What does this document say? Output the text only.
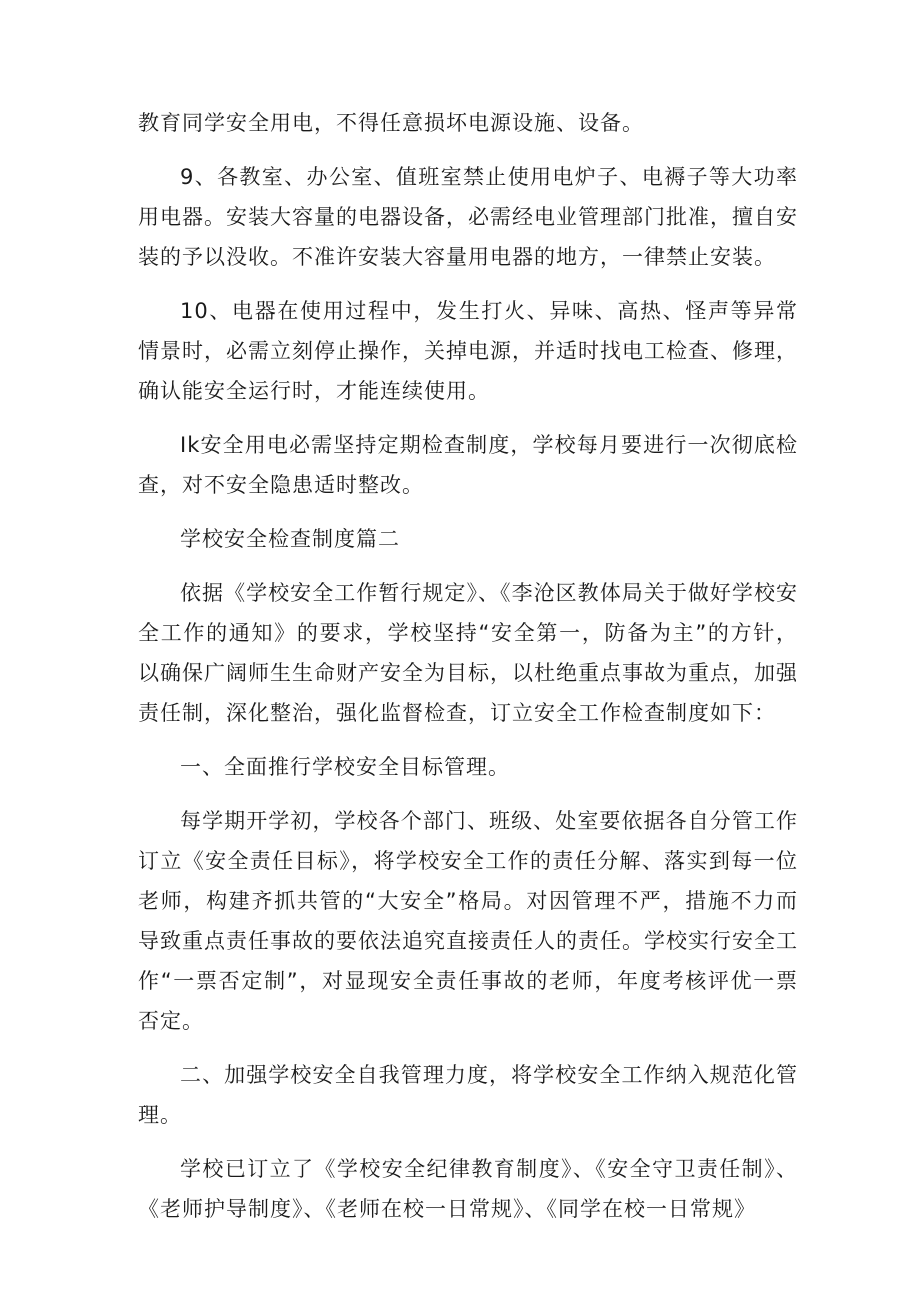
教育同学安全用电，不得任意损坏电源设施、设备。

9、各教室、办公室、值班室禁止使用电炉子、电褥子等大功率用电器。安装大容量的电器设备，必需经电业管理部门批准，擅自安装的予以没收。不准许安装大容量用电器的地方，一律禁止安装。

10、电器在使用过程中，发生打火、异味、高热、怪声等异常情景时，必需立刻停止操作，关掉电源，并适时找电工检查、修理，确认能安全运行时，才能连续使用。

Ik安全用电必需坚持定期检查制度，学校每月要进行一次彻底检查，对不安全隐患适时整改。

学校安全检查制度篇二

依据《学校安全工作暂行规定》、《李沧区教体局关于做好学校安全工作的通知》的要求，学校坚持“安全第一，防备为主”的方针，以确保广阔师生生命财产安全为目标，以杜绝重点事故为重点，加强责任制，深化整治，强化监督检查，订立安全工作检查制度如下：

一、全面推行学校安全目标管理。

每学期开学初，学校各个部门、班级、处室要依据各自分管工作订立《安全责任目标》，将学校安全工作的责任分解、落实到每一位老师，构建齐抓共管的“大安全”格局。对因管理不严，措施不力而导致重点责任事故的要依法追究直接责任人的责任。学校实行安全工作“一票否定制”，对显现安全责任事故的老师，年度考核评优一票否定。

二、加强学校安全自我管理力度，将学校安全工作纳入规范化管理。

学校已订立了《学校安全纪律教育制度》、《安全守卫责任制》、《老师护导制度》、《老师在校一日常规》、《同学在校一日常规》
